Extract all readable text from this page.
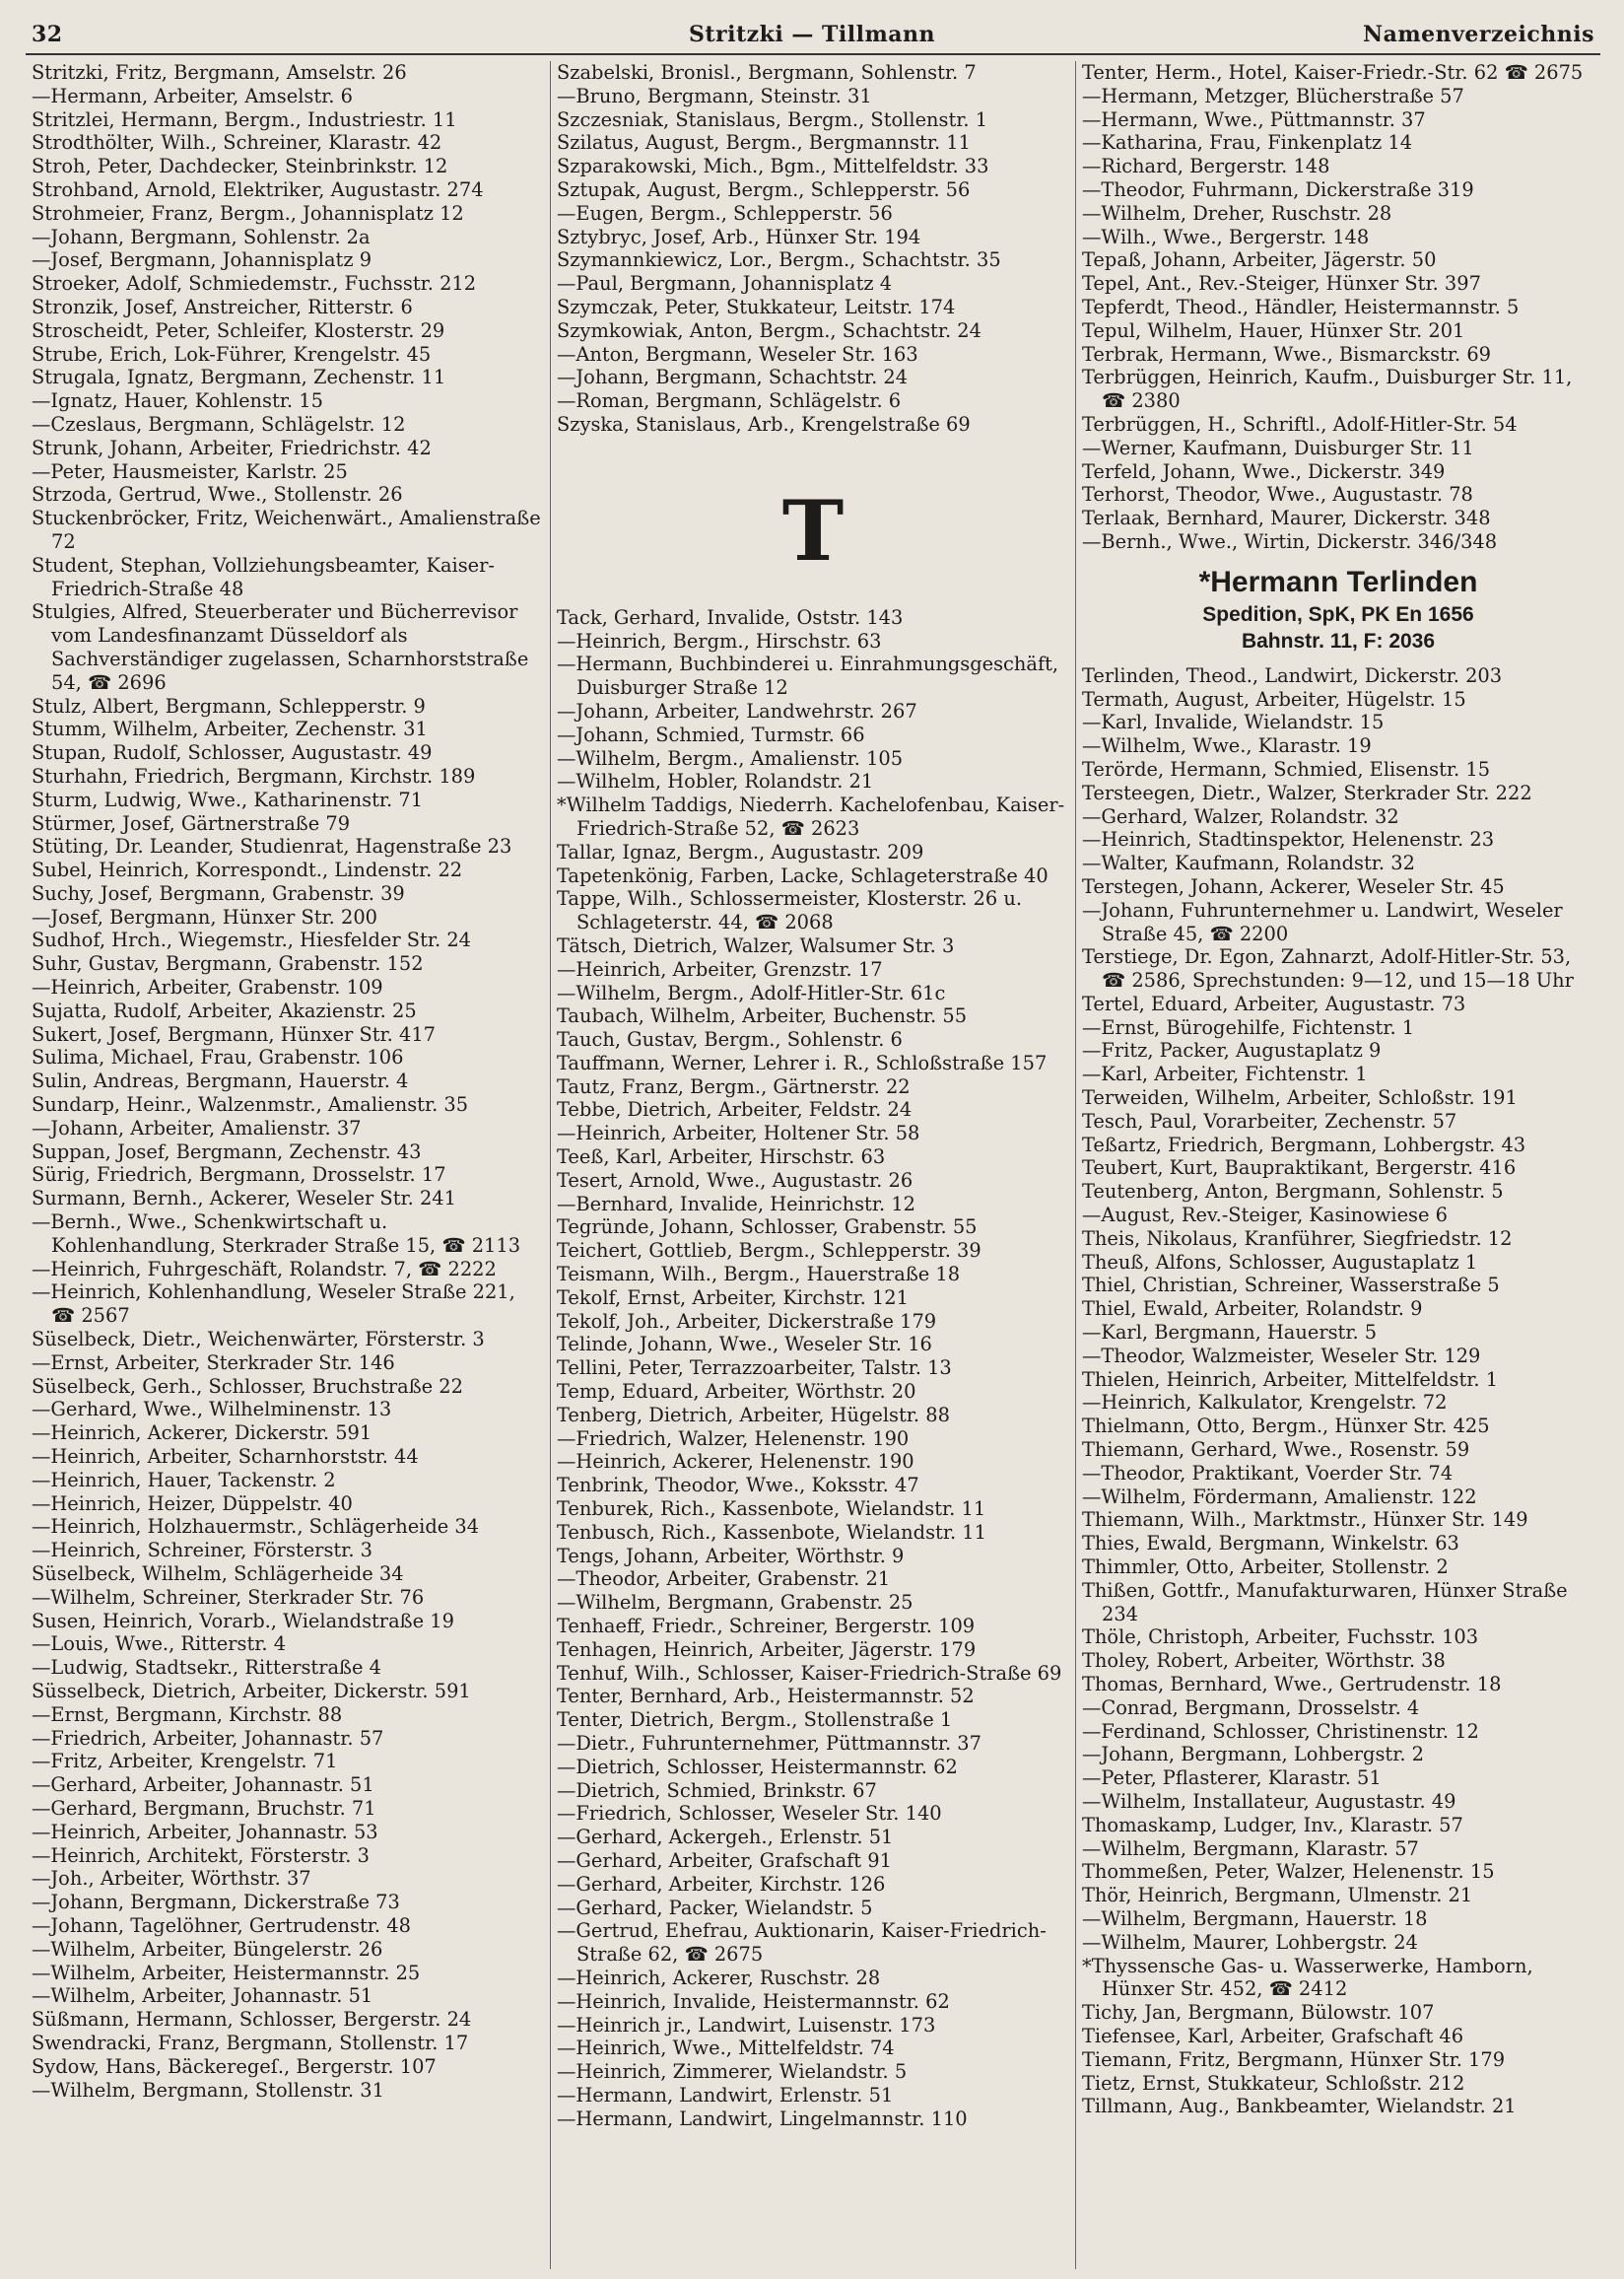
32	Stritzki — Tillmann	Namenverzeichnis
Stritzki, Fritz, Bergmann, Amselstr. 26
—Hermann, Arbeiter, Amselstr. 6
Stritzlei, Hermann, Bergm., Industriestr. 11
Strodthölter, Wilh., Schreiner, Klarastr. 42
Stroh, Peter, Dachdecker, Steinbrinkstr. 12
Strohband, Arnold, Elektriker, Augustastr. 274
Strohmeier, Franz, Bergm., Johannisplatz 12
—Johann, Bergmann, Sohlenstr. 2a
—Josef, Bergmann, Johannisplatz 9
Stroeker, Adolf, Schmiedemstr., Fuchsstr. 212
Stronzik, Josef, Anstreicher, Ritterstr. 6
Stroscheidt, Peter, Schleifer, Klosterstr. 29
Strube, Erich, Lok-Führer, Krengelstr. 45
Strugala, Ignatz, Bergmann, Zechenstr. 11
—Ignatz, Hauer, Kohlenstr. 15
—Czeslaus, Bergmann, Schlägelstr. 12
Strunk, Johann, Arbeiter, Friedrichstr. 42
—Peter, Hausmeister, Karlstr. 25
Strzoda, Gertrud, Wwe., Stollenstr. 26
Stuckenbröcker, Fritz, Weichenwärt., Amalienstraße 72
Student, Stephan, Vollziehungsbeamter, Kaiser-Friedrich-Straße 48
Stulgies, Alfred, Steuerberater und Bücherrevisor vom Landesfinanzamt Düsseldorf als Sachverständiger zugelassen, Scharnhorststraße 54, ☎ 2696
Stulz, Albert, Bergmann, Schlepperstr. 9
Stumm, Wilhelm, Arbeiter, Zechenstr. 31
Stupan, Rudolf, Schlosser, Augustastr. 49
Sturhahn, Friedrich, Bergmann, Kirchstr. 189
Sturm, Ludwig, Wwe., Katharinenstr. 71
Stürmer, Josef, Gärtnerstraße 79
Stüting, Dr. Leander, Studienrat, Hagenstraße 23
Subel, Heinrich, Korrespondt., Lindenstr. 22
Suchy, Josef, Bergmann, Grabenstr. 39
—Josef, Bergmann, Hünxer Str. 200
Sudhof, Hrch., Wiegemstr., Hiesfelder Str. 24
Suhr, Gustav, Bergmann, Grabenstr. 152
—Heinrich, Arbeiter, Grabenstr. 109
Sujatta, Rudolf, Arbeiter, Akazienstr. 25
Sukert, Josef, Bergmann, Hünxer Str. 417
Sulima, Michael, Frau, Grabenstr. 106
Sulin, Andreas, Bergmann, Hauerstr. 4
Sundarp, Heinr., Walzenmstr., Amalienstr. 35
—Johann, Arbeiter, Amalienstr. 37
Suppan, Josef, Bergmann, Zechenstr. 43
Sürig, Friedrich, Bergmann, Drosselstr. 17
Surmann, Bernh., Ackerer, Weseler Str. 241
—Bernh., Wwe., Schenkwirtschaft u. Kohlenhandlung, Sterkrader Straße 15, ☎ 2113
—Heinrich, Fuhrgeschäft, Rolandstr. 7, ☎ 2222
—Heinrich, Kohlenhandlung, Weseler Straße 221, ☎ 2567
Süselbeck, Dietr., Weichenwärter, Försterstr. 3
—Ernst, Arbeiter, Sterkrader Str. 146
Süselbeck, Gerh., Schlosser, Bruchstraße 22
—Gerhard, Wwe., Wilhelminenstr. 13
—Heinrich, Ackerer, Dickerstr. 591
—Heinrich, Arbeiter, Scharnhorststr. 44
—Heinrich, Hauer, Tackenstr. 2
—Heinrich, Heizer, Düppelstr. 40
—Heinrich, Holzhauermstr., Schlägerheide 34
—Heinrich, Schreiner, Försterstr. 3
Süselbeck, Wilhelm, Schlägerheide 34
—Wilhelm, Schreiner, Sterkrader Str. 76
Susen, Heinrich, Vorarb., Wielandstraße 19
—Louis, Wwe., Ritterstr. 4
—Ludwig, Stadtsekr., Ritterstraße 4
Süsselbeck, Dietrich, Arbeiter, Dickerstr. 591
—Ernst, Bergmann, Kirchstr. 88
—Friedrich, Arbeiter, Johannastr. 57
—Fritz, Arbeiter, Krengelstr. 71
—Gerhard, Arbeiter, Johannastr. 51
—Gerhard, Bergmann, Bruchstr. 71
—Heinrich, Arbeiter, Johannastr. 53
—Heinrich, Architekt, Försterstr. 3
—Joh., Arbeiter, Wörthstr. 37
—Johann, Bergmann, Dickerstraße 73
—Johann, Tagelöhner, Gertrudenstr. 48
—Wilhelm, Arbeiter, Büngelerstr. 26
—Wilhelm, Arbeiter, Heistermannstr. 25
—Wilhelm, Arbeiter, Johannastr. 51
Süßmann, Hermann, Schlosser, Bergerstr. 24
Swendracki, Franz, Bergmann, Stollenstr. 17
Sydow, Hans, Bäckeregeſ., Bergerstr. 107
—Wilhelm, Bergmann, Stollenstr. 31
Szabelski, Bronisl., Bergmann, Sohlenstr. 7
—Bruno, Bergmann, Steinstr. 31
Szczesniak, Stanislaus, Bergm., Stollenstr. 1
Szilatus, August, Bergm., Bergmannstr. 11
Szparakowski, Mich., Bgm., Mittelfeldstr. 33
Sztupak, August, Bergm., Schlepperstr. 56
—Eugen, Bergm., Schlepperstr. 56
Sztybryc, Josef, Arb., Hünxer Str. 194
Szymannkiewicz, Lor., Bergm., Schachtstr. 35
—Paul, Bergmann, Johannisplatz 4
Szymczak, Peter, Stukkateur, Leitstr. 174
Szymkowiak, Anton, Bergm., Schachtstr. 24
—Anton, Bergmann, Weseler Str. 163
—Johann, Bergmann, Schachtstr. 24
—Roman, Bergmann, Schlägelstr. 6
Szyska, Stanislaus, Arb., Krengelstraße 69
T
Tack, Gerhard, Invalide, Oststr. 143
—Heinrich, Bergm., Hirschstr. 63
—Hermann, Buchbinderei u. Einrahmungsgeschäft, Duisburger Straße 12
—Johann, Arbeiter, Landwehrstr. 267
—Johann, Schmied, Turmstr. 66
—Wilhelm, Bergm., Amalienstr. 105
—Wilhelm, Hobler, Rolandstr. 21
*Wilhelm Taddigs, Niederrh. Kachelofenbau, Kaiser-Friedrich-Straße 52, ☎ 2623
Tallar, Ignaz, Bergm., Augustastr. 209
Tapetenkönig, Farben, Lacke, Schlageterstraße 40
Tappe, Wilh., Schlossermeister, Klosterstr. 26 u. Schlageterstr. 44, ☎ 2068
Tätsch, Dietrich, Walzer, Walsumer Str. 3
—Heinrich, Arbeiter, Grenzstr. 17
—Wilhelm, Bergm., Adolf-Hitler-Str. 61c
Taubach, Wilhelm, Arbeiter, Buchenstr. 55
Tauch, Gustav, Bergm., Sohlenstr. 6
Tauffmann, Werner, Lehrer i. R., Schloßstraße 157
Tautz, Franz, Bergm., Gärtnerstr. 22
Tebbe, Dietrich, Arbeiter, Feldstr. 24
—Heinrich, Arbeiter, Holtener Str. 58
Teeß, Karl, Arbeiter, Hirschstr. 63
Tesert, Arnold, Wwe., Augustastr. 26
—Bernhard, Invalide, Heinrichstr. 12
Tegründe, Johann, Schlosser, Grabenstr. 55
Teichert, Gottlieb, Bergm., Schlepperstr. 39
Teismann, Wilh., Bergm., Hauerstraße 18
Tekolf, Ernst, Arbeiter, Kirchstr. 121
Tekolf, Joh., Arbeiter, Dickerstraße 179
Telinde, Johann, Wwe., Weseler Str. 16
Tellini, Peter, Terrazzoarbeiter, Talstr. 13
Temp, Eduard, Arbeiter, Wörthstr. 20
Tenberg, Dietrich, Arbeiter, Hügelstr. 88
—Friedrich, Walzer, Helenenstr. 190
—Heinrich, Ackerer, Helenenstr. 190
Tenbrink, Theodor, Wwe., Koksstr. 47
Tenburek, Rich., Kassenbote, Wielandstr. 11
Tenbusch, Rich., Kassenbote, Wielandstr. 11
Tengs, Johann, Arbeiter, Wörthstr. 9
—Theodor, Arbeiter, Grabenstr. 21
—Wilhelm, Bergmann, Grabenstr. 25
Tenhaeff, Friedr., Schreiner, Bergerstr. 109
Tenhagen, Heinrich, Arbeiter, Jägerstr. 179
Tenhuf, Wilh., Schlosser, Kaiser-Friedrich-Straße 69
Tenter, Bernhard, Arb., Heistermannstr. 52
Tenter, Dietrich, Bergm., Stollenstraße 1
—Dietr., Fuhrunternehmer, Püttmannstr. 37
—Dietrich, Schlosser, Heistermannstr. 62
—Dietrich, Schmied, Brinkstr. 67
—Friedrich, Schlosser, Weseler Str. 140
—Gerhard, Ackergeh., Erlenstr. 51
—Gerhard, Arbeiter, Grafschaft 91
—Gerhard, Arbeiter, Kirchstr. 126
—Gerhard, Packer, Wielandstr. 5
—Gertrud, Ehefrau, Auktionarin, Kaiser-Friedrich-Straße 62, ☎ 2675
—Heinrich, Ackerer, Ruschstr. 28
—Heinrich, Invalide, Heistermannstr. 62
—Heinrich jr., Landwirt, Luisenstr. 173
—Heinrich, Wwe., Mittelfeldstr. 74
—Heinrich, Zimmerer, Wielandstr. 5
—Hermann, Landwirt, Erlenstr. 51
—Hermann, Landwirt, Lingelmannstr. 110
Tenter, Herm., Hotel, Kaiser-Friedr.-Str. 62 ☎ 2675
—Hermann, Metzger, Blücherstraße 57
—Hermann, Wwe., Püttmannstr. 37
—Katharina, Frau, Finkenplatz 14
—Richard, Bergerstr. 148
—Theodor, Fuhrmann, Dickerstraße 319
—Wilhelm, Dreher, Ruschstr. 28
—Wilh., Wwe., Bergerstr. 148
Tepaß, Johann, Arbeiter, Jägerstr. 50
Tepel, Ant., Rev.-Steiger, Hünxer Str. 397
Tepferdt, Theod., Händler, Heistermannstr. 5
Tepul, Wilhelm, Hauer, Hünxer Str. 201
Terbrak, Hermann, Wwe., Bismarckstr. 69
Terbrüggen, Heinrich, Kaufm., Duisburger Str. 11, ☎ 2380
Terbrüggen, H., Schriftl., Adolf-Hitler-Str. 54
—Werner, Kaufmann, Duisburger Str. 11
Terfeld, Johann, Wwe., Dickerstr. 349
Terhorst, Theodor, Wwe., Augustastr. 78
Terlaak, Bernhard, Maurer, Dickerstr. 348
—Bernh., Wwe., Wirtin, Dickerstr. 346/348
*Hermann Terlinden
Spedition, SpK, PK En 1656
Bahnstr. 11, F: 2036
Terlinden, Theod., Landwirt, Dickerstr. 203
Termath, August, Arbeiter, Hügelstr. 15
—Karl, Invalide, Wielandstr. 15
—Wilhelm, Wwe., Klarastr. 19
Terörde, Hermann, Schmied, Elisenstr. 15
Tersteegen, Dietr., Walzer, Sterkrader Str. 222
—Gerhard, Walzer, Rolandstr. 32
—Heinrich, Stadtinspektor, Helenenstr. 23
—Walter, Kaufmann, Rolandstr. 32
Terstegen, Johann, Ackerer, Weseler Str. 45
—Johann, Fuhrunternehmer u. Landwirt, Weseler Straße 45, ☎ 2200
Terstiege, Dr. Egon, Zahnarzt, Adolf-Hitler-Str. 53, ☎ 2586, Sprechstunden: 9—12, und 15—18 Uhr
Tertel, Eduard, Arbeiter, Augustastr. 73
—Ernst, Bürogehilfe, Fichtenstr. 1
—Fritz, Packer, Augustaplatz 9
—Karl, Arbeiter, Fichtenstr. 1
Terweiden, Wilhelm, Arbeiter, Schloßstr. 191
Tesch, Paul, Vorarbeiter, Zechenstr. 57
Teßartz, Friedrich, Bergmann, Lohbergstr. 43
Teubert, Kurt, Baupraktikant, Bergerstr. 416
Teutenberg, Anton, Bergmann, Sohlenstr. 5
—August, Rev.-Steiger, Kasinowiese 6
Theis, Nikolaus, Kranführer, Siegfriedstr. 12
Theuß, Alfons, Schlosser, Augustaplatz 1
Thiel, Christian, Schreiner, Wasserstraße 5
Thiel, Ewald, Arbeiter, Rolandstr. 9
—Karl, Bergmann, Hauerstr. 5
—Theodor, Walzmeister, Weseler Str. 129
Thielen, Heinrich, Arbeiter, Mittelfeldstr. 1
—Heinrich, Kalkulator, Krengelstr. 72
Thielmann, Otto, Bergm., Hünxer Str. 425
Thiemann, Gerhard, Wwe., Rosenstr. 59
—Theodor, Praktikant, Voerder Str. 74
—Wilhelm, Fördermann, Amalienstr. 122
Thiemann, Wilh., Marktmstr., Hünxer Str. 149
Thies, Ewald, Bergmann, Winkelstr. 63
Thimmler, Otto, Arbeiter, Stollenstr. 2
Thißen, Gottfr., Manufakturwaren, Hünxer Straße 234
Thöle, Christoph, Arbeiter, Fuchsstr. 103
Tholey, Robert, Arbeiter, Wörthstr. 38
Thomas, Bernhard, Wwe., Gertrudenstr. 18
—Conrad, Bergmann, Drosselstr. 4
—Ferdinand, Schlosser, Christinenstr. 12
—Johann, Bergmann, Lohbergstr. 2
—Peter, Pflasterer, Klarastr. 51
—Wilhelm, Installateur, Augustastr. 49
Thomaskamp, Ludger, Inv., Klarastr. 57
—Wilhelm, Bergmann, Klarastr. 57
Thommeßen, Peter, Walzer, Helenenstr. 15
Thör, Heinrich, Bergmann, Ulmenstr. 21
—Wilhelm, Bergmann, Hauerstr. 18
—Wilhelm, Maurer, Lohbergstr. 24
*Thyssensche Gas- u. Wasserwerke, Hamborn, Hünxer Str. 452, ☎ 2412
Tichy, Jan, Bergmann, Bülowstr. 107
Tiefensee, Karl, Arbeiter, Grafschaft 46
Tiemann, Fritz, Bergmann, Hünxer Str. 179
Tietz, Ernst, Stukkateur, Schloßstr. 212
Tillmann, Aug., Bankbeamter, Wielandstr. 21
